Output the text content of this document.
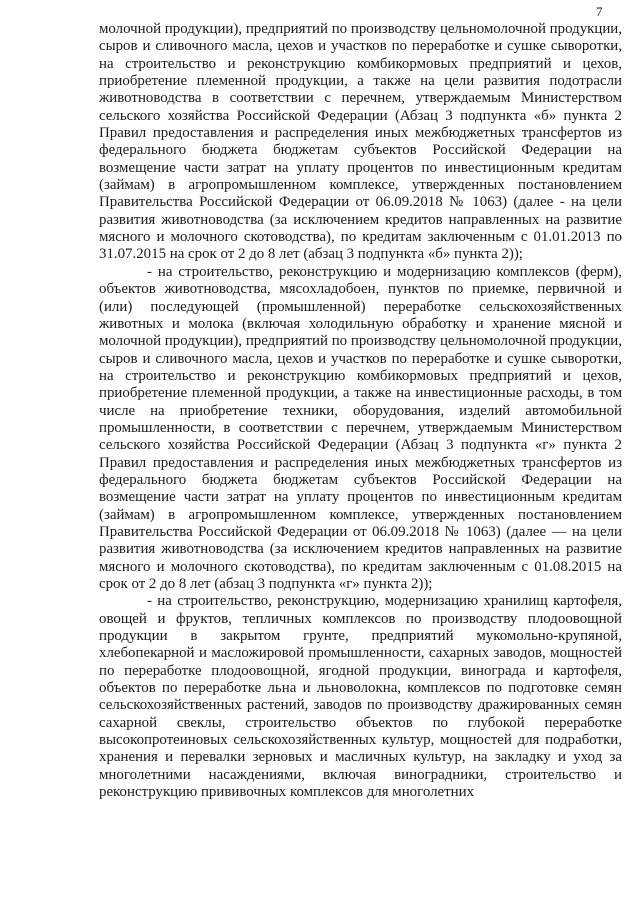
7

молочной продукции), предприятий по производству цельномолочной продукции, сыров и сливочного масла, цехов и участков по переработке и сушке сыворотки, на строительство и реконструкцию комбикормовых предприятий и цехов, приобретение племенной продукции, а также на цели развития подотрасли животноводства в соответствии с перечнем, утверждаемым Министерством сельского хозяйства Российской Федерации (Абзац 3 подпункта «б» пункта 2 Правил предоставления и распределения иных межбюджетных трансфертов из федерального бюджета бюджетам субъектов Российской Федерации на возмещение части затрат на уплату процентов по инвестиционным кредитам (займам) в агропромышленном комплексе, утвержденных постановлением Правительства Российской Федерации от 06.09.2018 № 1063) (далее - на цели развития животноводства (за исключением кредитов направленных на развитие мясного и молочного скотоводства), по кредитам заключенным с 01.01.2013 по 31.07.2015 на срок от 2 до 8 лет (абзац 3 подпункта «б» пункта 2));

- на строительство, реконструкцию и модернизацию комплексов (ферм), объектов животноводства, мясохладобоен, пунктов по приемке, первичной и (или) последующей (промышленной) переработке сельскохозяйственных животных и молока (включая холодильную обработку и хранение мясной и молочной продукции), предприятий по производству цельномолочной продукции, сыров и сливочного масла, цехов и участков по переработке и сушке сыворотки, на строительство и реконструкцию комбикормовых предприятий и цехов, приобретение племенной продукции, а также на инвестиционные расходы, в том числе на приобретение техники, оборудования, изделий автомобильной промышленности, в соответствии с перечнем, утверждаемым Министерством сельского хозяйства Российской Федерации (Абзац 3 подпункта «г» пункта 2 Правил предоставления и распределения иных межбюджетных трансфертов из федерального бюджета бюджетам субъектов Российской Федерации на возмещение части затрат на уплату процентов по инвестиционным кредитам (займам) в агропромышленном комплексе, утвержденных постановлением Правительства Российской Федерации от 06.09.2018 № 1063) (далее — на цели развития животноводства (за исключением кредитов направленных на развитие мясного и молочного скотоводства), по кредитам заключенным с 01.08.2015 на срок от 2 до 8 лет (абзац 3 подпункта «г» пункта 2));

- на строительство, реконструкцию, модернизацию хранилищ картофеля, овощей и фруктов, тепличных комплексов по производству плодоовощной продукции в закрытом грунте, предприятий мукомольно-крупяной, хлебопекарной и масложировой промышленности, сахарных заводов, мощностей по переработке плодоовощной, ягодной продукции, винограда и картофеля, объектов по переработке льна и льноволокна, комплексов по подготовке семян сельскохозяйственных растений, заводов по производству дражированных семян сахарной свеклы, строительство объектов по глубокой переработке высокопротеиновых сельскохозяйственных культур, мощностей для подработки, хранения и перевалки зерновых и масличных культур, на закладку и уход за многолетними насаждениями, включая виноградники, строительство и реконструкцию прививочных комплексов для многолетних
